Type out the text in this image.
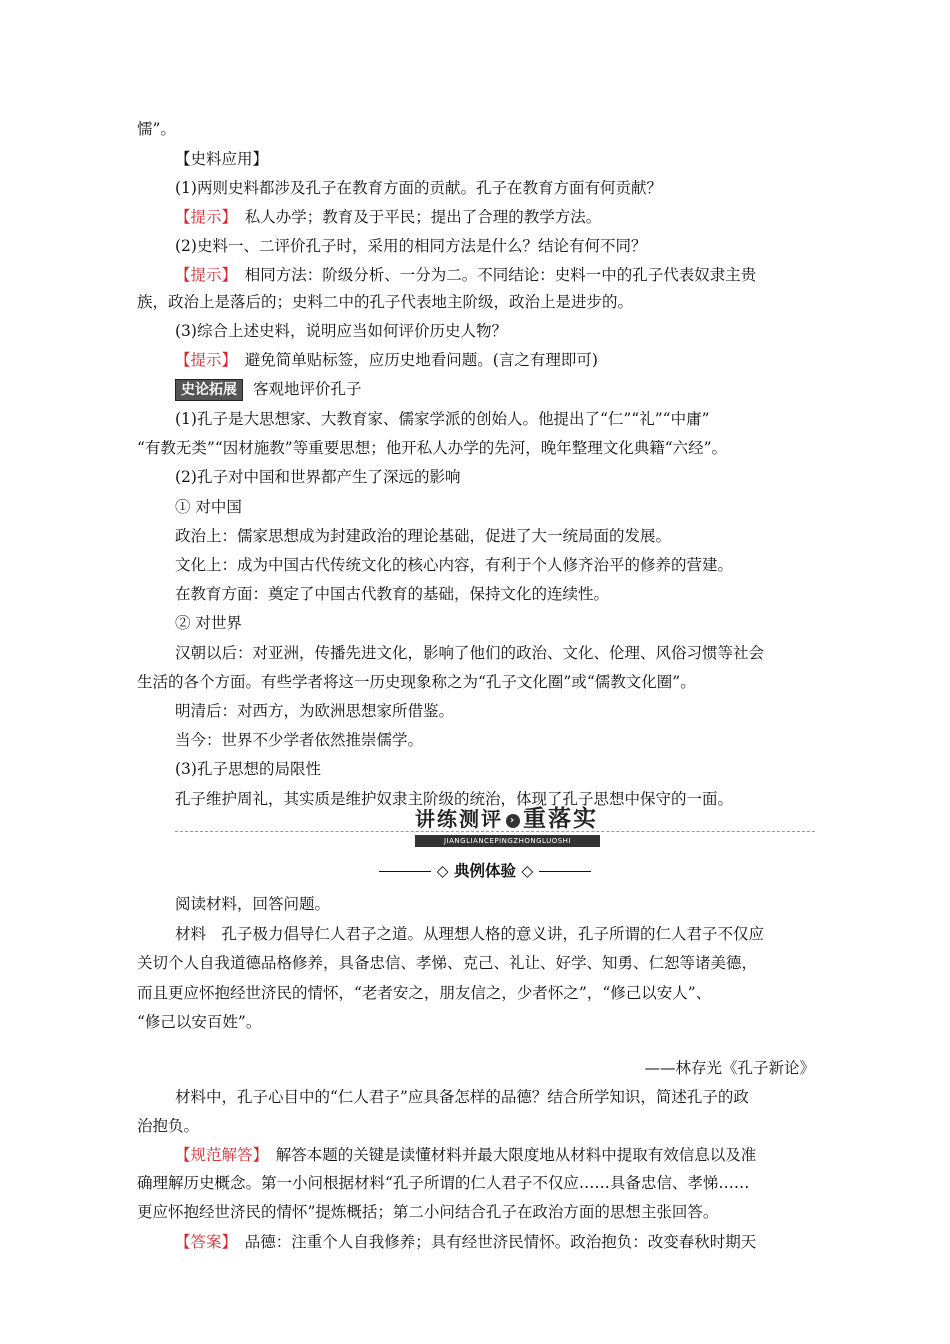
懦”。
【史料应用】
(1)两则史料都涉及孔子在教育方面的贡献。孔子在教育方面有何贡献？
【提示】　 私人办学；教育及于平民；提出了合理的教学方法。
(2)史料一、二评价孔子时，采用的相同方法是什么？结论有何不同？
【提示】　 相同方法：阶级分析、一分为二。不同结论：史料一中的孔子代表奴隶主贵
族，政治上是落后的；史料二中的孔子代表地主阶级，政治上是进步的。
(3)综合上述史料，说明应当如何评价历史人物？
【提示】　 避免简单贴标签，应历史地看问题。(言之有理即可)
史论拓展 客观地评价孔子
(1)孔子是大思想家、大教育家、儒家学派的创始人。他提出了“仁”“礼”“中庸”
“有教无类”“因材施教”等重要思想；他开私人办学的先河，晚年整理文化典籍“六经”。
(2)孔子对中国和世界都产生了深远的影响
① 对中国
政治上：儒家思想成为封建政治的理论基础，促进了大一统局面的发展。
文化上：成为中国古代传统文化的核心内容，有利于个人修齐治平的修养的营建。
在教育方面：奠定了中国古代教育的基础，保持文化的连续性。
② 对世界
汉朝以后：对亚洲，传播先进文化，影响了他们的政治、文化、伦理、风俗习惯等社会
生活的各个方面。有些学者将这一历史现象称之为“孔子文化圈”或“儒教文化圈”。
明清后：对西方，为欧洲思想家所借鉴。
当今：世界不少学者依然推崇儒学。
(3)孔子思想的局限性
孔子维护周礼，其实质是维护奴隶主阶级的统治，体现了孔子思想中保守的一面。
讲练测评 › 重落实
JIANGLIANCEPINGZHONGLUOSHI
◇ 典例体验 ◇
阅读材料，回答问题。
材料　孔子极力倡导仁人君子之道。从理想人格的意义讲，孔子所谓的仁人君子不仅应
关切个人自我道德品格修养，具备忠信、孝悌、克己、礼让、好学、知勇、仁恕等诸美德，
而且更应怀抱经世济民的情怀，“老者安之，朋友信之，少者怀之”，“修己以安人”、
“修己以安百姓”。
——林存光《孔子新论》
材料中，孔子心目中的“仁人君子”应具备怎样的品德？结合所学知识，简述孔子的政
治抱负。
【规范解答】　 解答本题的关键是读懂材料并最大限度地从材料中提取有效信息以及准
确理解历史概念。第一小问根据材料“孔子所谓的仁人君子不仅应……具备忠信、孝悌……
更应怀抱经世济民的情怀”提炼概括；第二小问结合孔子在政治方面的思想主张回答。
【答案】　 品德：注重个人自我修养；具有经世济民情怀。政治抱负：改变春秋时期天
